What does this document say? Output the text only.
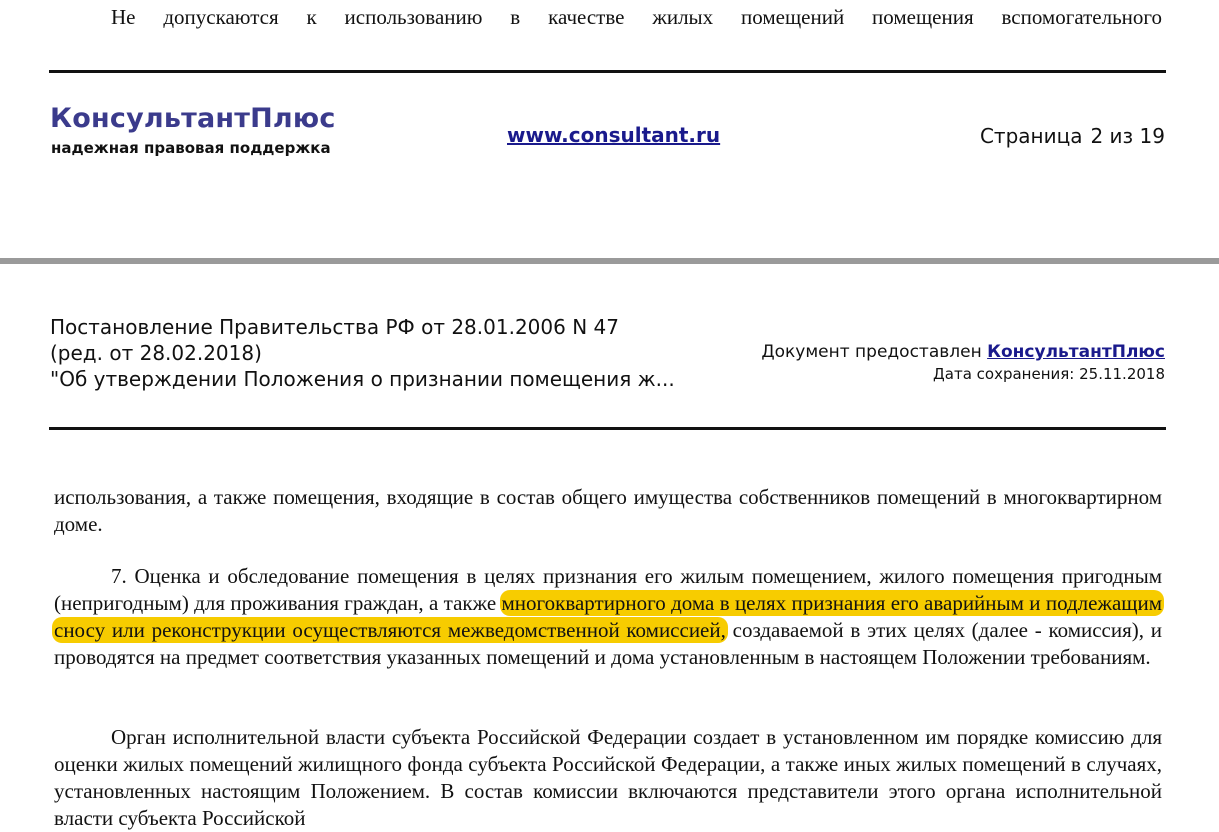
Не допускаются к использованию в качестве жилых помещений помещения вспомогательного
КонсультантПлюс
надежная правовая поддержка
www.consultant.ru	Страница 2 из 19
Постановление Правительства РФ от 28.01.2006 N 47
(ред. от 28.02.2018)
"Об утверждении Положения о признании помещения ж...
Документ предоставлен КонсультантПлюс
Дата сохранения: 25.11.2018
использования, а также помещения, входящие в состав общего имущества собственников помещений в многоквартирном доме.
7. Оценка и обследование помещения в целях признания его жилым помещением, жилого помещения пригодным (непригодным) для проживания граждан, а также многоквартирного дома в целях признания его аварийным и подлежащим сносу или реконструкции осуществляются межведомственной комиссией, создаваемой в этих целях (далее - комиссия), и проводятся на предмет соответствия указанных помещений и дома установленным в настоящем Положении требованиям.
Орган исполнительной власти субъекта Российской Федерации создает в установленном им порядке комиссию для оценки жилых помещений жилищного фонда субъекта Российской Федерации, а также иных жилых помещений в случаях, установленных настоящим Положением. В состав комиссии включаются представители этого органа исполнительной власти субъекта Российской
